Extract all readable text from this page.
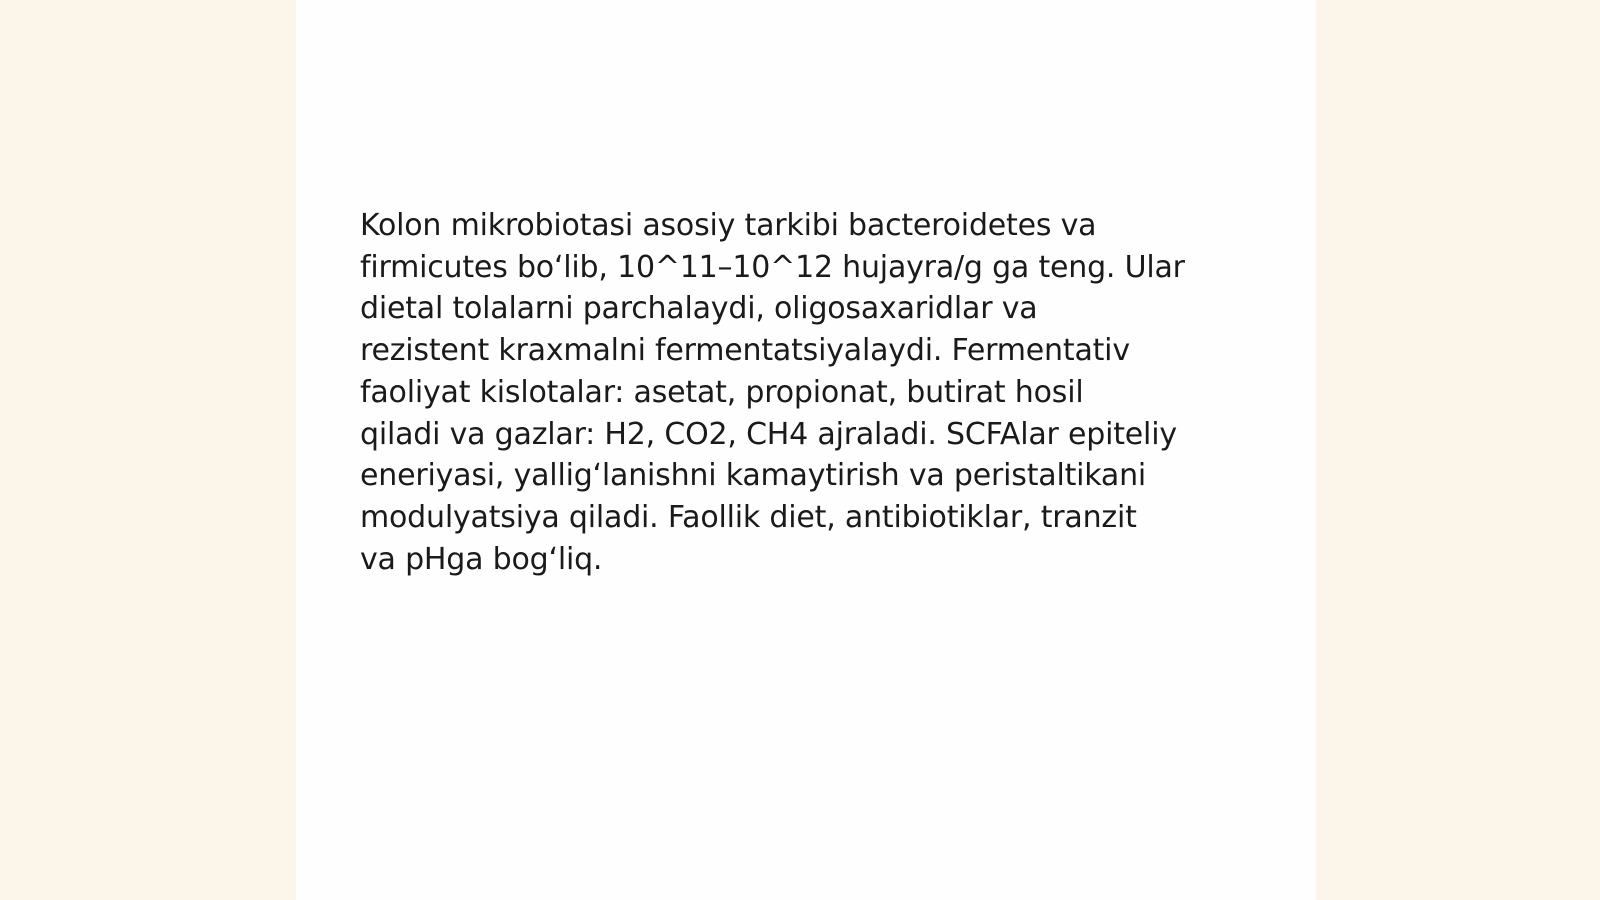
Kolon mikrobiotasi asosiy tarkibi bacteroidetes va
firmicutes bo‘lib, 10^11–10^12 hujayra/g ga teng. Ular
dietal tolalarni parchalaydi, oligosaxaridlar va
rezistent kraxmalni fermentatsiyalaydi. Fermentativ
faoliyat kislotalar: asetat, propionat, butirat hosil
qiladi va gazlar: H2, CO2, CH4 ajraladi. SCFAlar epiteliy
eneriyasi, yallig‘lanishni kamaytirish va peristaltikani
modulyatsiya qiladi. Faollik diet, antibiotiklar, tranzit
va pHga bog‘liq.
